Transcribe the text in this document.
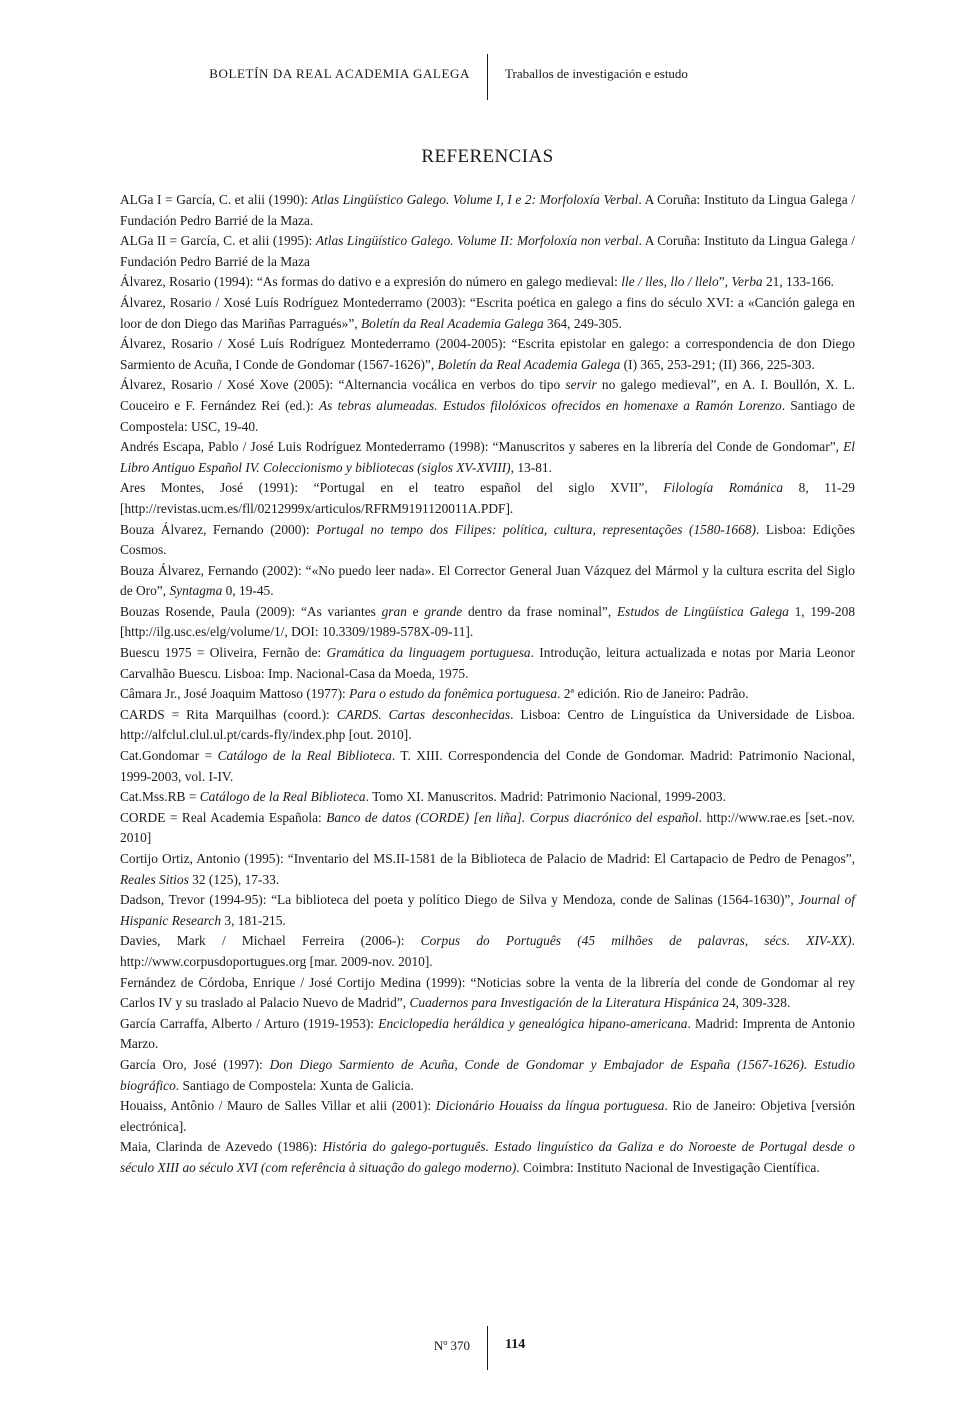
BOLETÍN DA REAL ACADEMIA GALEGA	Traballos de investigación e estudo
REFERENCIAS
ALGa I = García, C. et alii (1990): Atlas Lingüístico Galego. Volume I, I e 2: Morfoloxía Verbal. A Coruña: Instituto da Lingua Galega / Fundación Pedro Barrié de la Maza.
ALGa II = García, C. et alii (1995): Atlas Lingüístico Galego. Volume II: Morfoloxía non verbal. A Coruña: Instituto da Lingua Galega / Fundación Pedro Barrié de la Maza
Álvarez, Rosario (1994): “As formas do dativo e a expresión do número en galego medieval: lle / lles, llo / llelo”, Verba 21, 133-166.
Álvarez, Rosario / Xosé Luís Rodríguez Montederramo (2003): “Escrita poética en galego a fins do século XVI: a «Canción galega en loor de don Diego das Mariñas Parragués»”, Boletín da Real Academia Galega 364, 249-305.
Álvarez, Rosario / Xosé Luís Rodríguez Montederramo (2004-2005): “Escrita epistolar en galego: a correspondencia de don Diego Sarmiento de Acuña, I Conde de Gondomar (1567-1626)”, Boletín da Real Academia Galega (I) 365, 253-291; (II) 366, 225-303.
Álvarez, Rosario / Xosé Xove (2005): “Alternancia vocálica en verbos do tipo servir no galego medieval”, en A. I. Boullón, X. L. Couceiro e F. Fernández Rei (ed.): As tebras alumeadas. Estudos filolóxicos ofrecidos en homenaxe a Ramón Lorenzo. Santiago de Compostela: USC, 19-40.
Andrés Escapa, Pablo / José Luis Rodríguez Montederramo (1998): “Manuscritos y saberes en la librería del Conde de Gondomar”, El Libro Antiguo Español IV. Coleccionismo y bibliotecas (siglos XV-XVIII), 13-81.
Ares Montes, José (1991): “Portugal en el teatro español del siglo XVII”, Filología Románica 8, 11-29 [http://revistas.ucm.es/fll/0212999x/articulos/RFRM9191120011A.PDF].
Bouza Álvarez, Fernando (2000): Portugal no tempo dos Filipes: política, cultura, representações (1580-1668). Lisboa: Edições Cosmos.
Bouza Álvarez, Fernando (2002): “«No puedo leer nada». El Corrector General Juan Vázquez del Mármol y la cultura escrita del Siglo de Oro”, Syntagma 0, 19-45.
Bouzas Rosende, Paula (2009): “As variantes gran e grande dentro da frase nominal”, Estudos de Lingüística Galega 1, 199-208 [http://ilg.usc.es/elg/volume/1/, DOI: 10.3309/1989-578X-09-11].
Buescu 1975 = Oliveira, Fernão de: Gramática da linguagem portuguesa. Introdução, leitura actualizada e notas por Maria Leonor Carvalhão Buescu. Lisboa: Imp. Nacional-Casa da Moeda, 1975.
Câmara Jr., José Joaquim Mattoso (1977): Para o estudo da fonêmica portuguesa. 2ª edición. Rio de Janeiro: Padrão.
CARDS = Rita Marquilhas (coord.): CARDS. Cartas desconhecidas. Lisboa: Centro de Linguística da Universidade de Lisboa. http://alfclul.clul.ul.pt/cards-fly/index.php [out. 2010].
Cat.Gondomar = Catálogo de la Real Biblioteca. T. XIII. Correspondencia del Conde de Gondomar. Madrid: Patrimonio Nacional, 1999-2003, vol. I-IV.
Cat.Mss.RB = Catálogo de la Real Biblioteca. Tomo XI. Manuscritos. Madrid: Patrimonio Nacional, 1999-2003.
CORDE = Real Academia Española: Banco de datos (CORDE) [en liña]. Corpus diacrónico del español. http://www.rae.es [set.-nov. 2010]
Cortijo Ortiz, Antonio (1995): “Inventario del MS.II-1581 de la Biblioteca de Palacio de Madrid: El Cartapacio de Pedro de Penagos”, Reales Sitios 32 (125), 17-33.
Dadson, Trevor (1994-95): “La biblioteca del poeta y político Diego de Silva y Mendoza, conde de Salinas (1564-1630)”, Journal of Hispanic Research 3, 181-215.
Davies, Mark / Michael Ferreira (2006-): Corpus do Português (45 milhões de palavras, sécs. XIV-XX). http://www.corpusdoportugues.org [mar. 2009-nov. 2010].
Fernández de Córdoba, Enrique / José Cortijo Medina (1999): “Noticias sobre la venta de la librería del conde de Gondomar al rey Carlos IV y su traslado al Palacio Nuevo de Madrid”, Cuadernos para Investigación de la Literatura Hispánica 24, 309-328.
García Carraffa, Alberto / Arturo (1919-1953): Enciclopedia heráldica y genealógica hipano-americana. Madrid: Imprenta de Antonio Marzo.
García Oro, José (1997): Don Diego Sarmiento de Acuña, Conde de Gondomar y Embajador de España (1567-1626). Estudio biográfico. Santiago de Compostela: Xunta de Galicia.
Houaiss, Antônio / Mauro de Salles Villar et alii (2001): Dicionário Houaiss da língua portuguesa. Rio de Janeiro: Objetiva [versión electrónica].
Maia, Clarinda de Azevedo (1986): História do galego-português. Estado linguístico da Galiza e do Noroeste de Portugal desde o século XIII ao século XVI (com referência à situação do galego moderno). Coimbra: Instituto Nacional de Investigação Científica.
Nº 370	114
